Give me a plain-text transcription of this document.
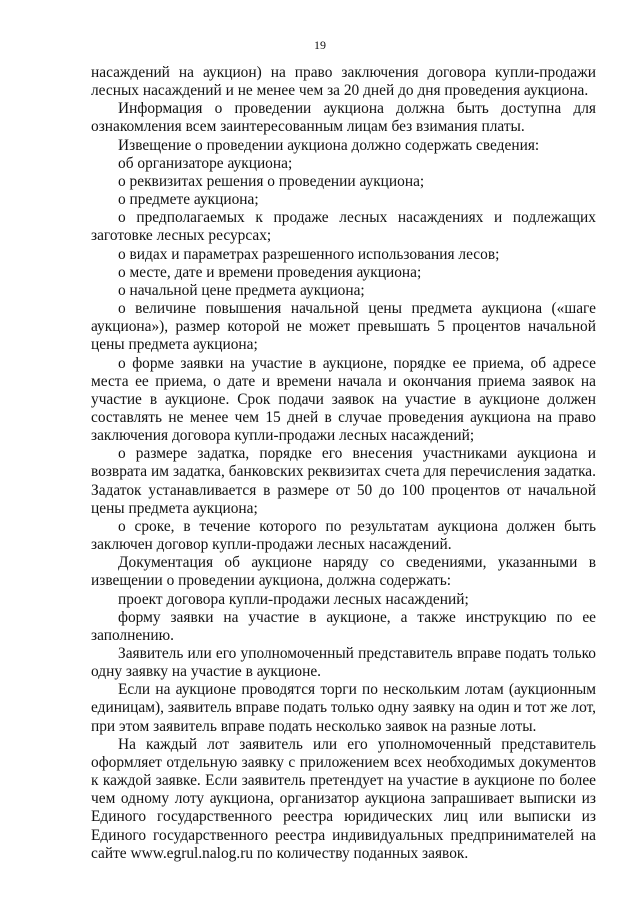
19

насаждений на аукцион) на право заключения договора купли-продажи лесных насаждений и не менее чем за 20 дней до дня проведения аукциона.

Информация о проведении аукциона должна быть доступна для ознакомления всем заинтересованным лицам без взимания платы.

Извещение о проведении аукциона должно содержать сведения:

об организаторе аукциона;

о реквизитах решения о проведении аукциона;

о предмете аукциона;

о предполагаемых к продаже лесных насаждениях и подлежащих заготовке лесных ресурсах;

о видах и параметрах разрешенного использования лесов;

о месте, дате и времени проведения аукциона;

о начальной цене предмета аукциона;

о величине повышения начальной цены предмета аукциона («шаге аукциона»), размер которой не может превышать 5 процентов начальной цены предмета аукциона;

о форме заявки на участие в аукционе, порядке ее приема, об адресе места ее приема, о дате и времени начала и окончания приема заявок на участие в аукционе. Срок подачи заявок на участие в аукционе должен составлять не менее чем 15 дней в случае проведения аукциона на право заключения договора купли-продажи лесных насаждений;

о размере задатка, порядке его внесения участниками аукциона и возврата им задатка, банковских реквизитах счета для перечисления задатка. Задаток устанавливается в размере от 50 до 100 процентов от начальной цены предмета аукциона;

о сроке, в течение которого по результатам аукциона должен быть заключен договор купли-продажи лесных насаждений.

Документация об аукционе наряду со сведениями, указанными в извещении о проведении аукциона, должна содержать:

проект договора купли-продажи лесных насаждений;

форму заявки на участие в аукционе, а также инструкцию по ее заполнению.

Заявитель или его уполномоченный представитель вправе подать только одну заявку на участие в аукционе.

Если на аукционе проводятся торги по нескольким лотам (аукционным единицам), заявитель вправе подать только одну заявку на один и тот же лот, при этом заявитель вправе подать несколько заявок на разные лоты.

На каждый лот заявитель или его уполномоченный представитель оформляет отдельную заявку с приложением всех необходимых документов к каждой заявке. Если заявитель претендует на участие в аукционе по более чем одному лоту аукциона, организатор аукциона запрашивает выписки из Единого государственного реестра юридических лиц или выписки из Единого государственного реестра индивидуальных предпринимателей на сайте www.egrul.nalog.ru по количеству поданных заявок.
